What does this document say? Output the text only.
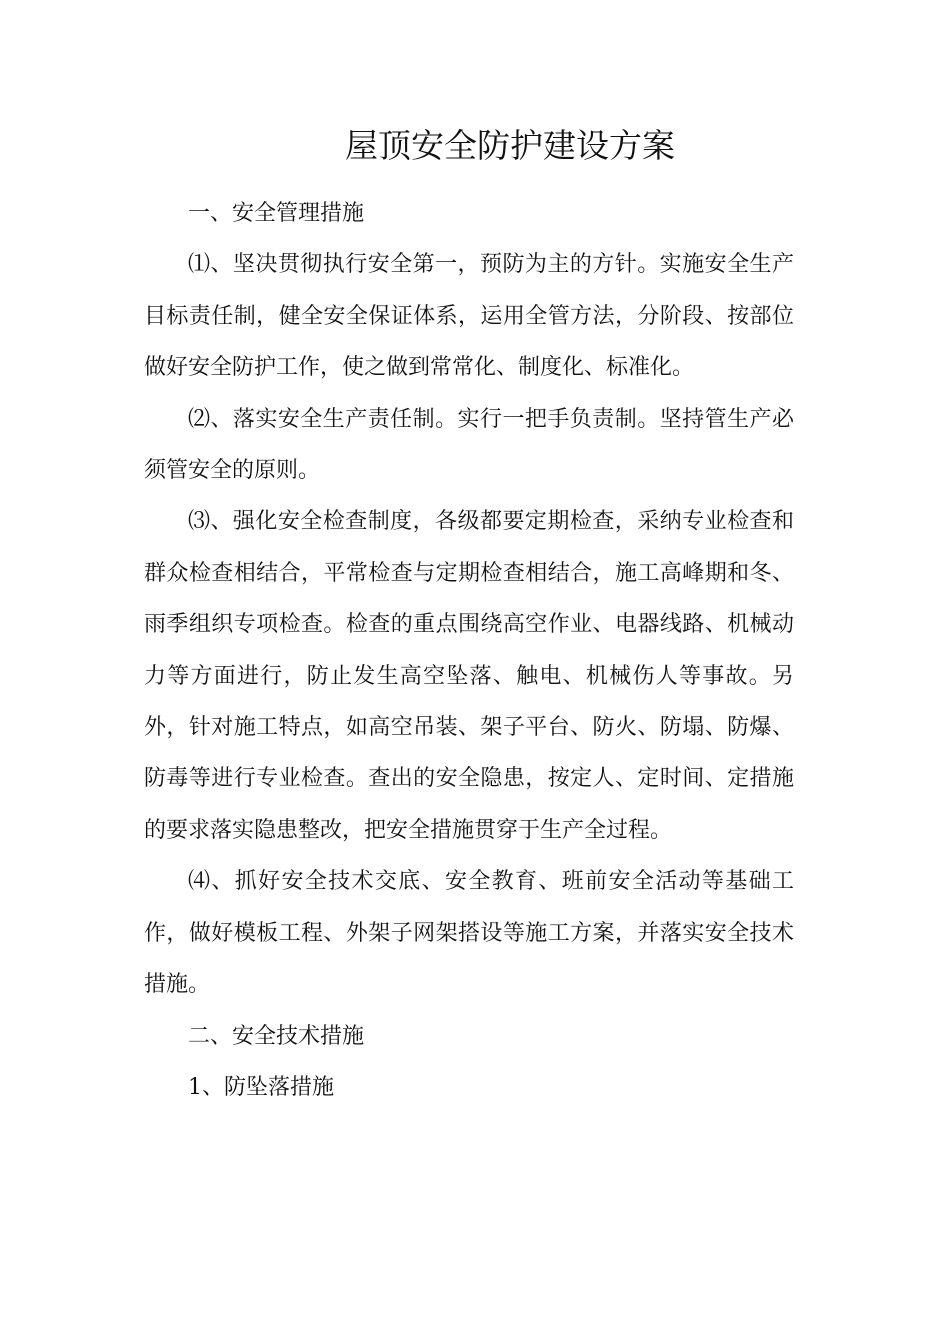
屋顶安全防护建设方案

一、安全管理措施

⑴、坚决贯彻执行安全第一，预防为主的方针。实施安全生产目标责任制，健全安全保证体系，运用全管方法，分阶段、按部位做好安全防护工作，使之做到常常化、制度化、标准化。

⑵、落实安全生产责任制。实行一把手负责制。坚持管生产必须管安全的原则。

⑶、强化安全检查制度，各级都要定期检查，采纳专业检查和群众检查相结合，平常检查与定期检查相结合，施工高峰期和冬、雨季组织专项检查。检查的重点围绕高空作业、电器线路、机械动力等方面进行，防止发生高空坠落、触电、机械伤人等事故。另外，针对施工特点，如高空吊装、架子平台、防火、防塌、防爆、防毒等进行专业检查。查出的安全隐患，按定人、定时间、定措施的要求落实隐患整改，把安全措施贯穿于生产全过程。

⑷、抓好安全技术交底、安全教育、班前安全活动等基础工作，做好模板工程、外架子网架搭设等施工方案，并落实安全技术措施。

二、安全技术措施

1、防坠落措施
